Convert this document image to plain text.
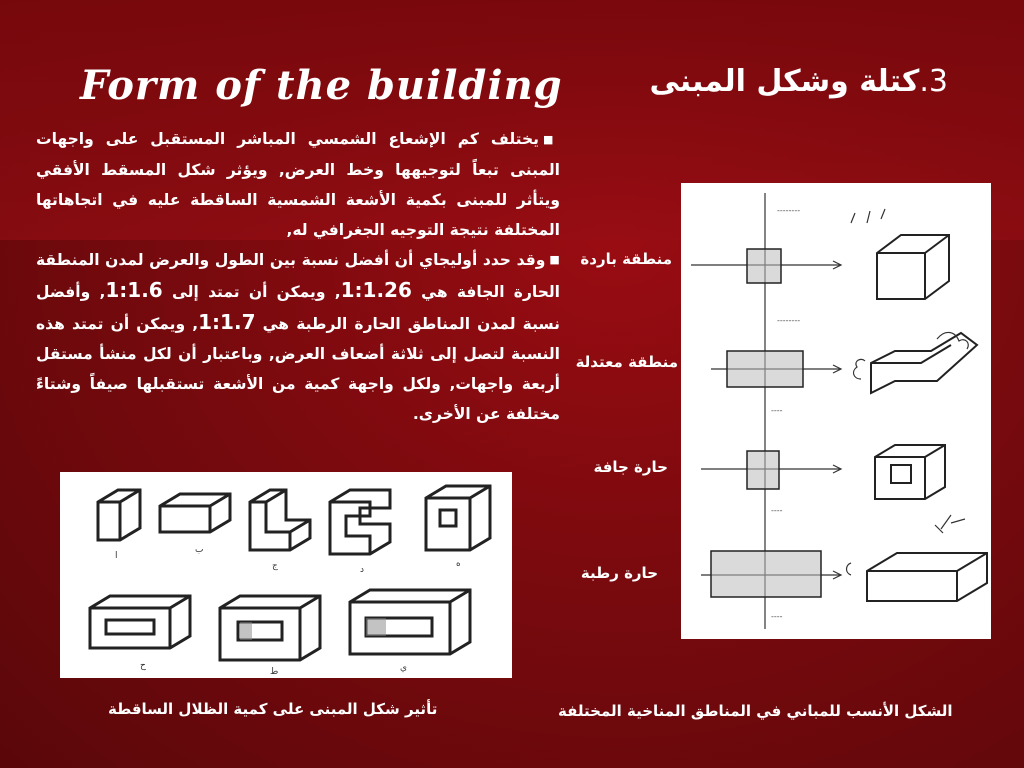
Form of the building	3.كتلة وشكل المبنى

■يختلف كم الإشعاع الشمسي المباشر المستقبل على واجهات المبنى تبعاً لتوجيهها وخط العرض, ويؤثر شكل المسقط الأفقي ويتأثر للمبنى بكمية الأشعة الشمسية الساقطة عليه في اتجاهاتها المختلفة نتيجة التوجيه الجغرافي له,

■وقد حدد أوليجاي أن أفضل نسبة بين الطول والعرض لمدن المنطقة الحارة الجافة هي 1:1.26, ويمكن أن تمتد إلى 1:1.6, وأفضل نسبة لمدن المناطق الحارة الرطبة هي 1:1.7, ويمكن أن تمتد هذه النسبة لتصل إلى ثلاثة أضعاف العرض, وباعتبار أن لكل منشأ مستقل أربعة واجهات, ولكل واجهة كمية من الأشعة تستقبلها صيفاً وشتاءً مختلفة عن الأخرى.

ا
ب
ج	د
ه
ح
ط	ي
--------
--------
----
----
----
منطقة باردة
منطقة معتدلة
حارة جافة
حارة رطبة
تأثير شكل المبنى على كمية الظلال الساقطة	الشكل الأنسب للمباني في المناطق المناخية المختلفة
